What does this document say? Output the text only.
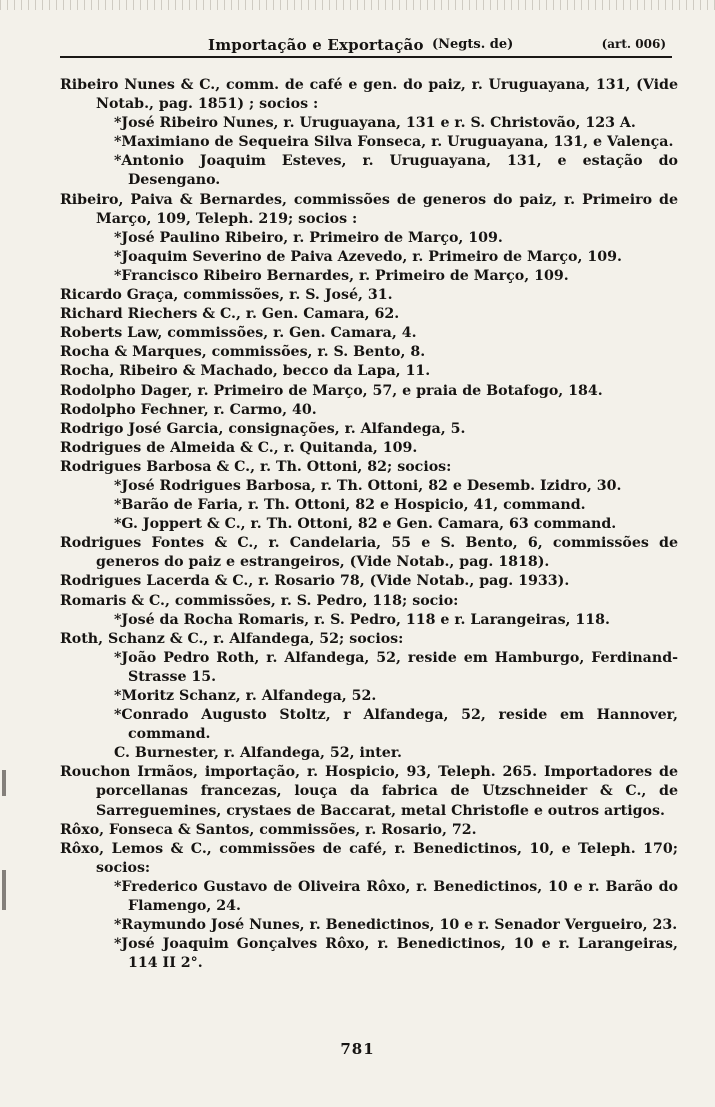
Importação e Exportação (Negts. de)	(art. 006)

Ribeiro Nunes & C., comm. de café e gen. do paiz, r. Uruguayana, 131, (Vide Notab., pag. 1851) ; socios :

*José Ribeiro Nunes, r. Uruguayana, 131 e r. S. Christovão, 123 A.

*Maximiano de Sequeira Silva Fonseca, r. Uruguayana, 131, e Valença.

*Antonio Joaquim Esteves, r. Uruguayana, 131, e estação do Desengano.

Ribeiro, Paiva & Bernardes, commissões de generos do paiz, r. Primeiro de Março, 109, Teleph. 219; socios :

*José Paulino Ribeiro, r. Primeiro de Março, 109.

*Joaquim Severino de Paiva Azevedo, r. Primeiro de Março, 109.

*Francisco Ribeiro Bernardes, r. Primeiro de Março, 109.

Ricardo Graça, commissões, r. S. José, 31.

Richard Riechers & C., r. Gen. Camara, 62.

Roberts Law, commissões, r. Gen. Camara, 4.

Rocha & Marques, commissões, r. S. Bento, 8.

Rocha, Ribeiro & Machado, becco da Lapa, 11.

Rodolpho Dager, r. Primeiro de Março, 57, e praia de Botafogo, 184.

Rodolpho Fechner, r. Carmo, 40.

Rodrigo José Garcia, consignações, r. Alfandega, 5.

Rodrigues de Almeida & C., r. Quitanda, 109.

Rodrigues Barbosa & C., r. Th. Ottoni, 82; socios:

*José Rodrigues Barbosa, r. Th. Ottoni, 82 e Desemb. Izidro, 30.

*Barão de Faria, r. Th. Ottoni, 82 e Hospicio, 41, command.

*G. Joppert & C., r. Th. Ottoni, 82 e Gen. Camara, 63 command.

Rodrigues Fontes & C., r. Candelaria, 55 e S. Bento, 6, commissões de generos do paiz e estrangeiros, (Vide Notab., pag. 1818).

Rodrigues Lacerda & C., r. Rosario 78, (Vide Notab., pag. 1933).

Romaris & C., commissões, r. S. Pedro, 118; socio:

*José da Rocha Romaris, r. S. Pedro, 118 e r. Larangeiras, 118.

Roth, Schanz & C., r. Alfandega, 52; socios:

*João Pedro Roth, r. Alfandega, 52, reside em Hamburgo, Ferdinand-Strasse 15.

*Moritz Schanz, r. Alfandega, 52.

*Conrado Augusto Stoltz, r Alfandega, 52, reside em Hannover, command.

C. Burnester, r. Alfandega, 52, inter.

Rouchon Irmãos, importação, r. Hospicio, 93, Teleph. 265. Importadores de porcellanas francezas, louça da fabrica de Utzschneider & C., de Sarreguemines, crystaes de Baccarat, metal Christofle e outros artigos.

Rôxo, Fonseca & Santos, commissões, r. Rosario, 72.

Rôxo, Lemos & C., commissões de café, r. Benedictinos, 10, e Teleph. 170; socios:

*Frederico Gustavo de Oliveira Rôxo, r. Benedictinos, 10 e r. Barão do Flamengo, 24.

*Raymundo José Nunes, r. Benedictinos, 10 e r. Senador Vergueiro, 23.

*José Joaquim Gonçalves Rôxo, r. Benedictinos, 10 e r. Larangeiras, 114 II 2°.

781
